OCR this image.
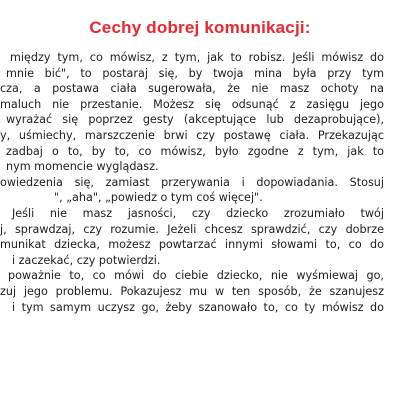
Cechy dobrej komunikacji:
między tym, co mówisz, z tym, jak to robisz. Jeśli mówisz do
mnie bić", to postaraj się, by twoja mina była przy tym
cza, a postawa ciała sugerowała, że nie masz ochoty na
maluch nie przestanie. Możesz się odsunąć z zasięgu jego
wyrażać się poprzez gesty (akceptujące lub dezaprobujące),
y, uśmiechy, marszczenie brwi czy postawę ciała. Przekazując
zadbaj o to, by to, co mówisz, było zgodne z tym, jak to
nym momencie wyglądasz.
owiedzenia się, zamiast przerywania i dopowiadania. Stosuj
", „aha", „powiedz o tym coś więcej".
Jeśli nie masz jasności, czy dziecko zrozumiało twój
j, sprawdzaj, czy rozumie. Jeżeli chcesz sprawdzić, czy dobrze
munikat dziecka, możesz powtarzać innymi słowami to, co do
i zaczekać, czy potwierdzi.
poważnie to, co mówi do ciebie dziecko, nie wyśmiewaj go,
zuj jego problemu. Pokazujesz mu w ten sposób, że szanujesz
i tym samym uczysz go, żeby szanowało to, co ty mówisz do
